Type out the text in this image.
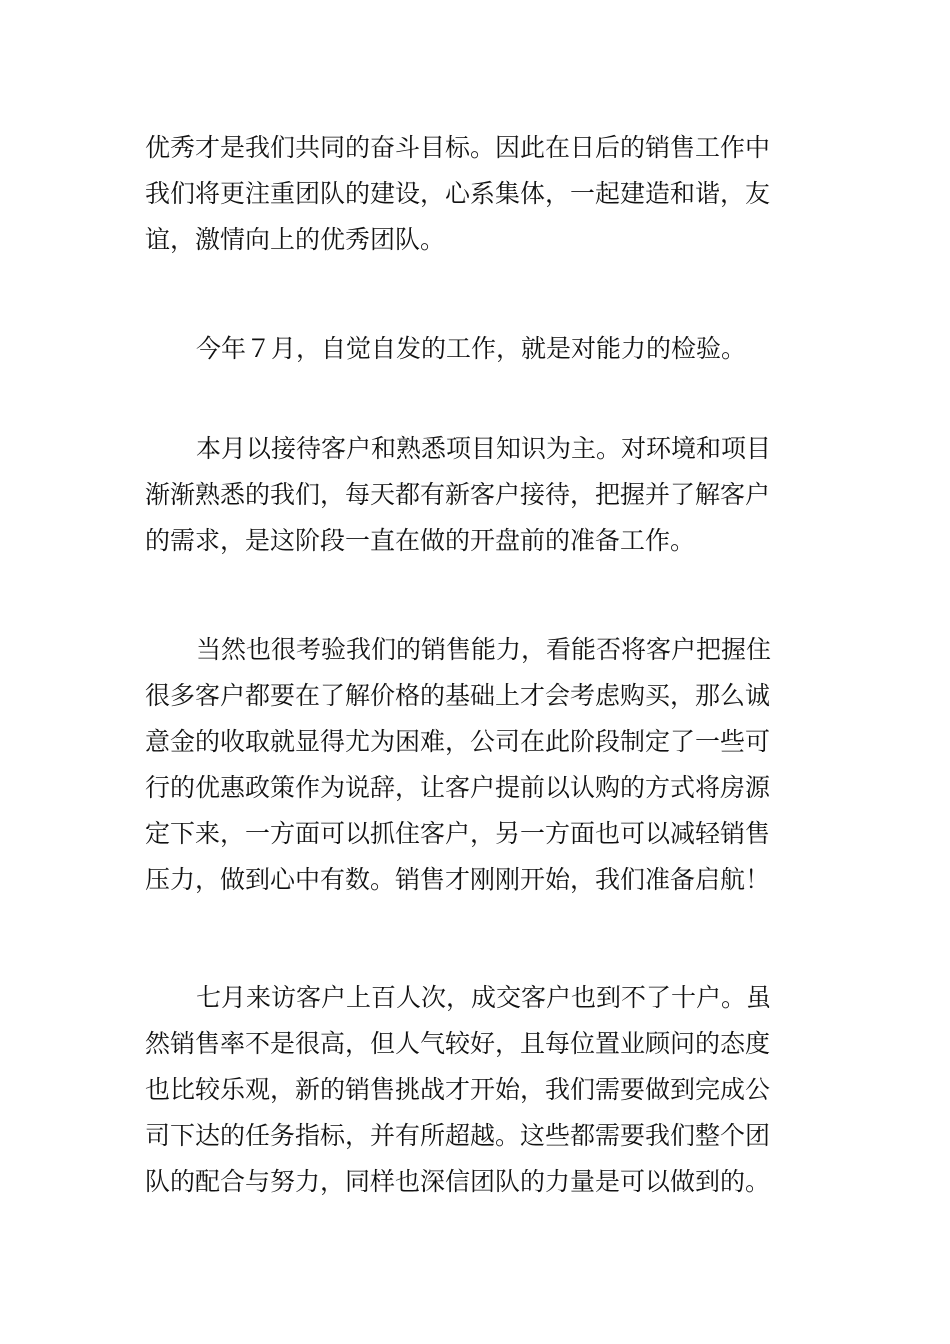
优秀才是我们共同的奋斗目标。因此在日后的销售工作中
我们将更注重团队的建设，心系集体，一起建造和谐，友
谊，激情向上的优秀团队。

今年７月，自觉自发的工作，就是对能力的检验。

本月以接待客户和熟悉项目知识为主。对环境和项目
渐渐熟悉的我们，每天都有新客户接待，把握并了解客户
的需求，是这阶段一直在做的开盘前的准备工作。

当然也很考验我们的销售能力，看能否将客户把握住
很多客户都要在了解价格的基础上才会考虑购买，那么诚
意金的收取就显得尤为困难，公司在此阶段制定了一些可
行的优惠政策作为说辞，让客户提前以认购的方式将房源
定下来，一方面可以抓住客户，另一方面也可以减轻销售
压力，做到心中有数。销售才刚刚开始，我们准备启航！

七月来访客户上百人次，成交客户也到不了十户。虽
然销售率不是很高，但人气较好，且每位置业顾问的态度
也比较乐观，新的销售挑战才开始，我们需要做到完成公
司下达的任务指标，并有所超越。这些都需要我们整个团
队的配合与努力，同样也深信团队的力量是可以做到的。
